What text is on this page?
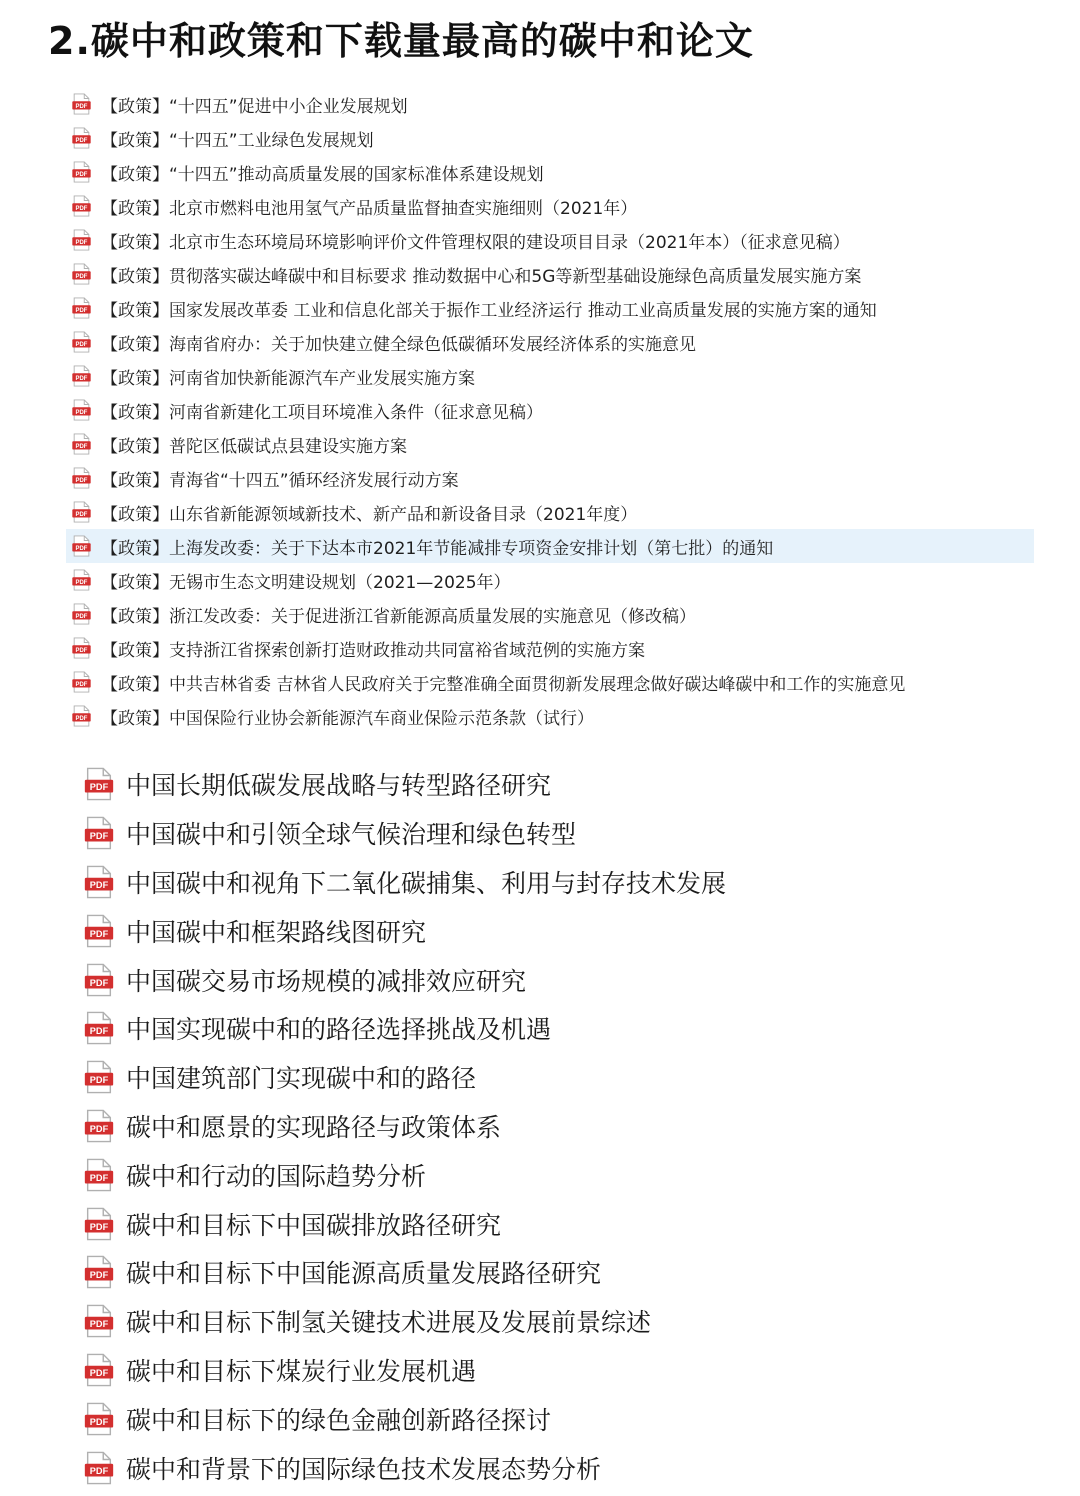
2.碳中和政策和下载量最高的碳中和论文
PDF 【政策】“十四五”促进中小企业发展规划
PDF 【政策】“十四五”工业绿色发展规划
PDF 【政策】“十四五”推动高质量发展的国家标准体系建设规划
PDF 【政策】北京市燃料电池用氢气产品质量监督抽查实施细则（2021年）
PDF 【政策】北京市生态环境局环境影响评价文件管理权限的建设项目目录（2021年本）（征求意见稿）
PDF 【政策】贯彻落实碳达峰碳中和目标要求 推动数据中心和5G等新型基础设施绿色高质量发展实施方案
PDF 【政策】国家发展改革委 工业和信息化部关于振作工业经济运行 推动工业高质量发展的实施方案的通知
PDF 【政策】海南省府办：关于加快建立健全绿色低碳循环发展经济体系的实施意见
PDF 【政策】河南省加快新能源汽车产业发展实施方案
PDF 【政策】河南省新建化工项目环境准入条件（征求意见稿）
PDF 【政策】普陀区低碳试点县建设实施方案
PDF 【政策】青海省“十四五”循环经济发展行动方案
PDF 【政策】山东省新能源领域新技术、新产品和新设备目录（2021年度）
PDF 【政策】上海发改委：关于下达本市2021年节能减排专项资金安排计划（第七批）的通知
PDF 【政策】无锡市生态文明建设规划（2021—2025年）
PDF 【政策】浙江发改委：关于促进浙江省新能源高质量发展的实施意见（修改稿）
PDF 【政策】支持浙江省探索创新打造财政推动共同富裕省域范例的实施方案
PDF 【政策】中共吉林省委 吉林省人民政府关于完整准确全面贯彻新发展理念做好碳达峰碳中和工作的实施意见
PDF 【政策】中国保险行业协会新能源汽车商业保险示范条款（试行）
PDF 中国长期低碳发展战略与转型路径研究
PDF 中国碳中和引领全球气候治理和绿色转型
PDF 中国碳中和视角下二氧化碳捕集、利用与封存技术发展
PDF 中国碳中和框架路线图研究
PDF 中国碳交易市场规模的减排效应研究
PDF 中国实现碳中和的路径选择挑战及机遇
PDF 中国建筑部门实现碳中和的路径
PDF 碳中和愿景的实现路径与政策体系
PDF 碳中和行动的国际趋势分析
PDF 碳中和目标下中国碳排放路径研究
PDF 碳中和目标下中国能源高质量发展路径研究
PDF 碳中和目标下制氢关键技术进展及发展前景综述
PDF 碳中和目标下煤炭行业发展机遇
PDF 碳中和目标下的绿色金融创新路径探讨
PDF 碳中和背景下的国际绿色技术发展态势分析
